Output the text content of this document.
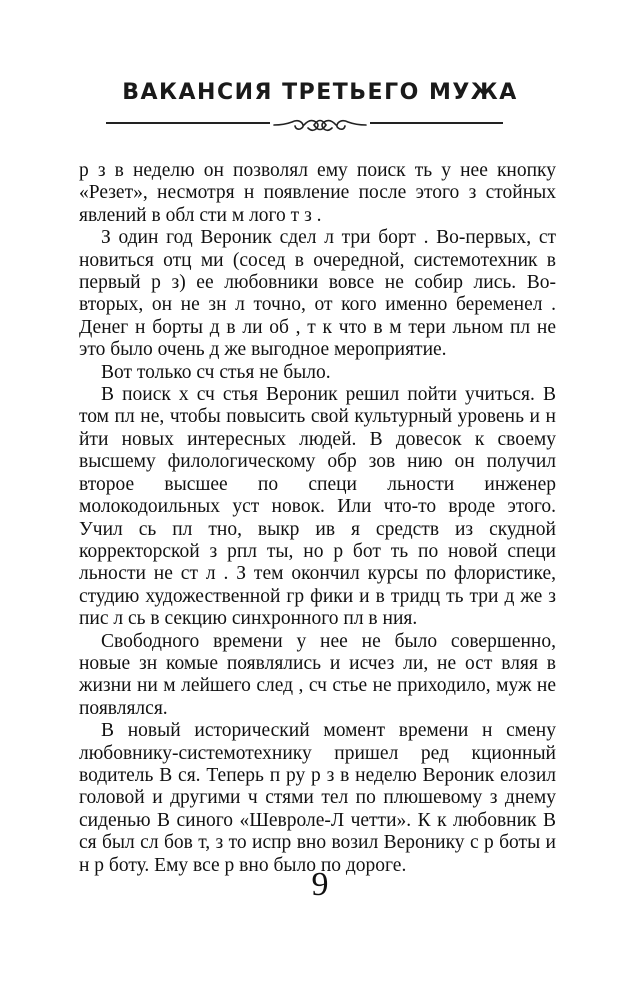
ВАКАНСИЯ ТРЕТЬЕГО МУЖА

р з в неделю он позволял ему поиск ть у нее кнопку «Резет», несмотря н появление после этого з стойных явлений в обл сти м лого т з .

З один год Вероник сдел л три борт . Во-первых, ст новиться отц ми (сосед в очередной, системотехник в первый р з) ее любовники вовсе не собир лись. Во-вторых, он не зн л точно, от кого именно беременел . Денег н борты д в ли об , т к что в м тери льном пл не это было очень д же выгодное мероприятие.

Вот только сч стья не было.

В поиск х сч стья Вероник решил пойти учиться. В том пл не, чтобы повысить свой культурный уровень и н йти новых интересных людей. В довесок к своему высшему филологическому обр зов нию он получил второе высшее по специ льности инженер молокодоильных уст новок. Или что-то вроде этого. Учил сь пл тно, выкр ив я средств из скудной корректорской з рпл ты, но р бот ть по новой специ льности не ст л . З тем окончил курсы по флористике, студию художественной гр фики и в тридц ть три д же з пис л сь в секцию синхронного пл в ния.

Свободного времени у нее не было совершенно, новые зн комые появлялись и исчез ли, не ост вляя в жизни ни м лейшего след , сч стье не приходило, муж не появлялся.

В новый исторический момент времени н смену любовнику-системотехнику пришел ред кционный водитель В ся. Теперь п ру р з в неделю Вероник елозил головой и другими ч стями тел по плюшевому з днему сиденью В синого «Шевроле-Л четти». К к любовник В ся был сл бов т, з то испр вно возил Веронику с р боты и н р боту. Ему все р вно было по дороге.

9
